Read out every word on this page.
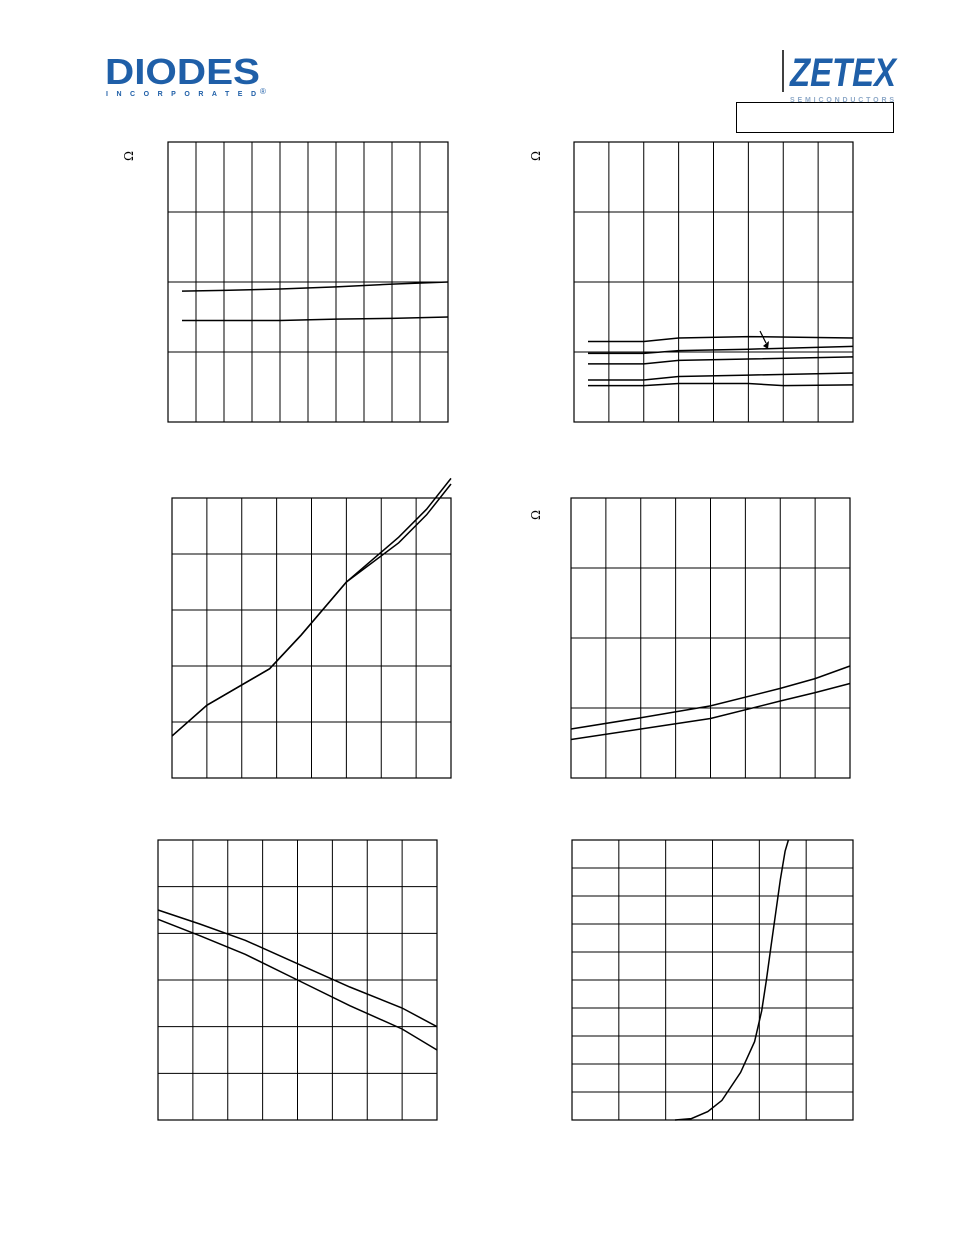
DIODES
INCORPORATED ®	ZETEX
SEMICONDUCTORS
Ω	Ω
Ω
